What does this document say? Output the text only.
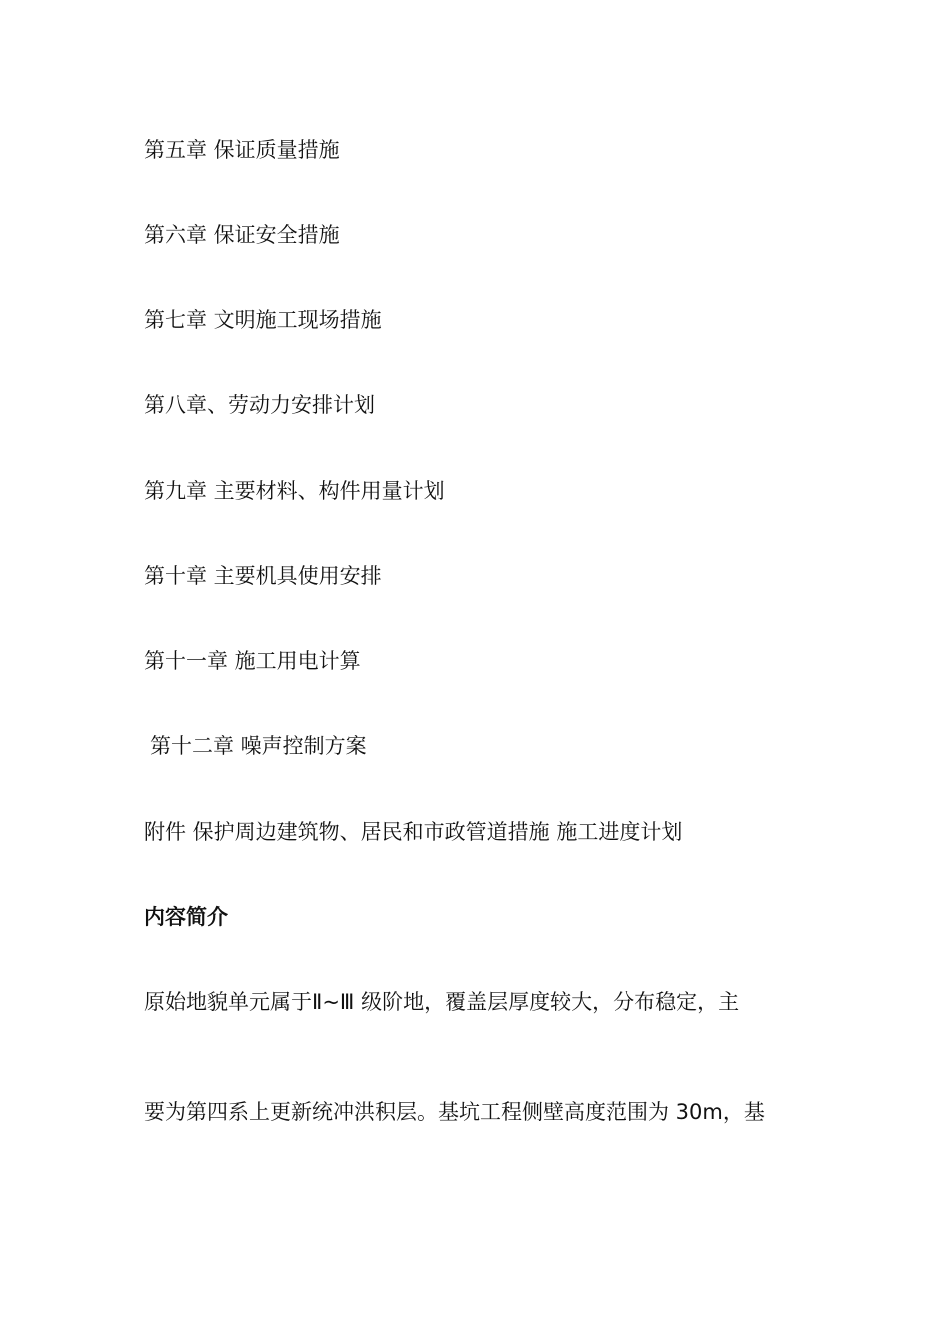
第五章 保证质量措施
第六章 保证安全措施
第七章 文明施工现场措施
第八章、劳动力安排计划
第九章 主要材料、构件用量计划
第十章 主要机具使用安排
第十一章 施工用电计算
第十二章 噪声控制方案
附件 保护周边建筑物、居民和市政管道措施 施工进度计划
内容简介
原始地貌单元属于Ⅱ~Ⅲ 级阶地，覆盖层厚度较大，分布稳定，主
要为第四系上更新统冲洪积层。基坑工程侧壁高度范围为 30m，基
